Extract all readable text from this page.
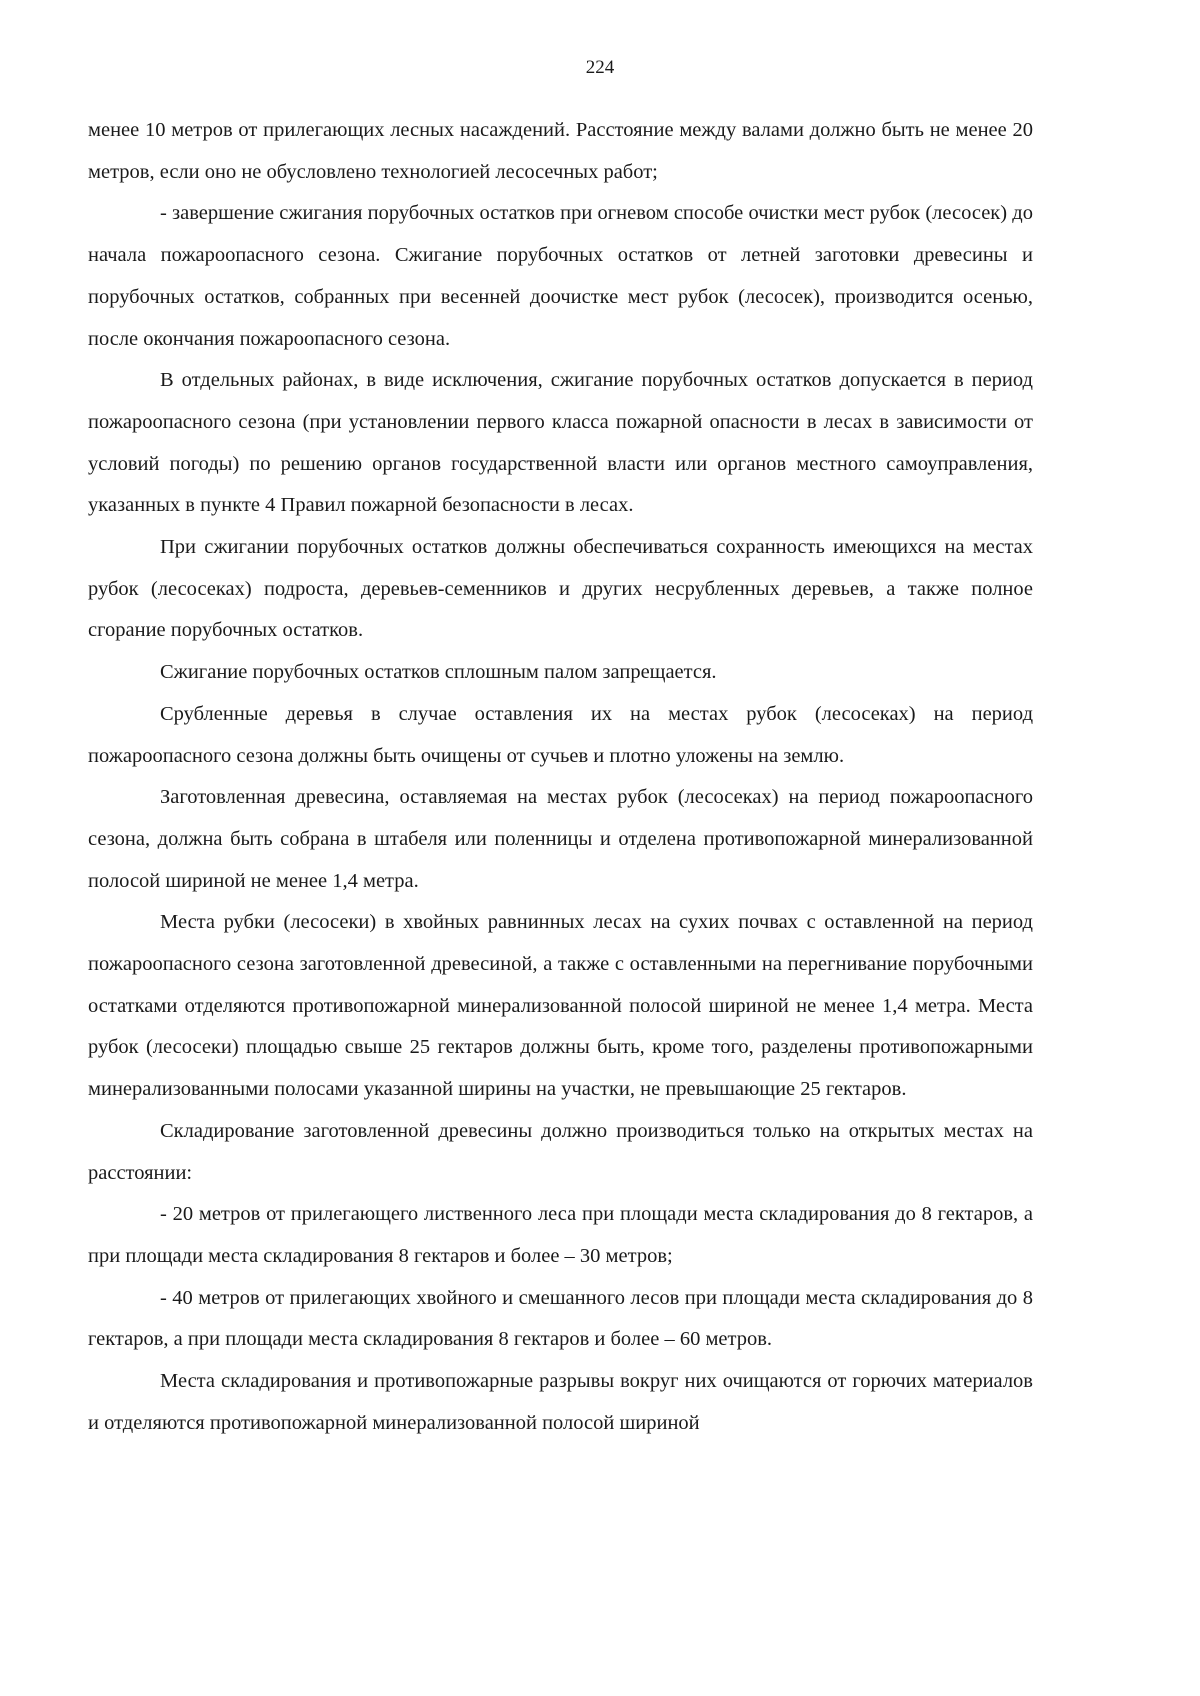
224

менее 10 метров от прилегающих лесных насаждений. Расстояние между валами должно быть не менее 20 метров, если оно не обусловлено технологией лесосечных работ;

- завершение сжигания порубочных остатков при огневом способе очистки мест рубок (лесосек) до начала пожароопасного сезона. Сжигание порубочных остатков от летней заготовки древесины и порубочных остатков, собранных при весенней доочистке мест рубок (лесосек), производится осенью, после окончания пожароопасного сезона.

В отдельных районах, в виде исключения, сжигание порубочных остатков допускается в период пожароопасного сезона (при установлении первого класса пожарной опасности в лесах в зависимости от условий погоды) по решению органов государственной власти или органов местного самоуправления, указанных в пункте 4 Правил пожарной безопасности в лесах.

При сжигании порубочных остатков должны обеспечиваться сохранность имеющихся на местах рубок (лесосеках) подроста, деревьев-семенников и других несрубленных деревьев, а также полное сгорание порубочных остатков.

Сжигание порубочных остатков сплошным палом запрещается.

Срубленные деревья в случае оставления их на местах рубок (лесосеках) на период пожароопасного сезона должны быть очищены от сучьев и плотно уложены на землю.

Заготовленная древесина, оставляемая на местах рубок (лесосеках) на период пожароопасного сезона, должна быть собрана в штабеля или поленницы и отделена противопожарной минерализованной полосой шириной не менее 1,4 метра.

Места рубки (лесосеки) в хвойных равнинных лесах на сухих почвах с оставленной на период пожароопасного сезона заготовленной древесиной, а также с оставленными на перегнивание порубочными остатками отделяются противопожарной минерализованной полосой шириной не менее 1,4 метра. Места рубок (лесосеки) площадью свыше 25 гектаров должны быть, кроме того, разделены противопожарными минерализованными полосами указанной ширины на участки, не превышающие 25 гектаров.

Складирование заготовленной древесины должно производиться только на открытых местах на расстоянии:

- 20 метров от прилегающего лиственного леса при площади места складирования до 8 гектаров, а при площади места складирования 8 гектаров и более – 30 метров;

- 40 метров от прилегающих хвойного и смешанного лесов при площади места складирования до 8 гектаров, а при площади места складирования 8 гектаров и более – 60 метров.

Места складирования и противопожарные разрывы вокруг них очищаются от горючих материалов и отделяются противопожарной минерализованной полосой шириной
